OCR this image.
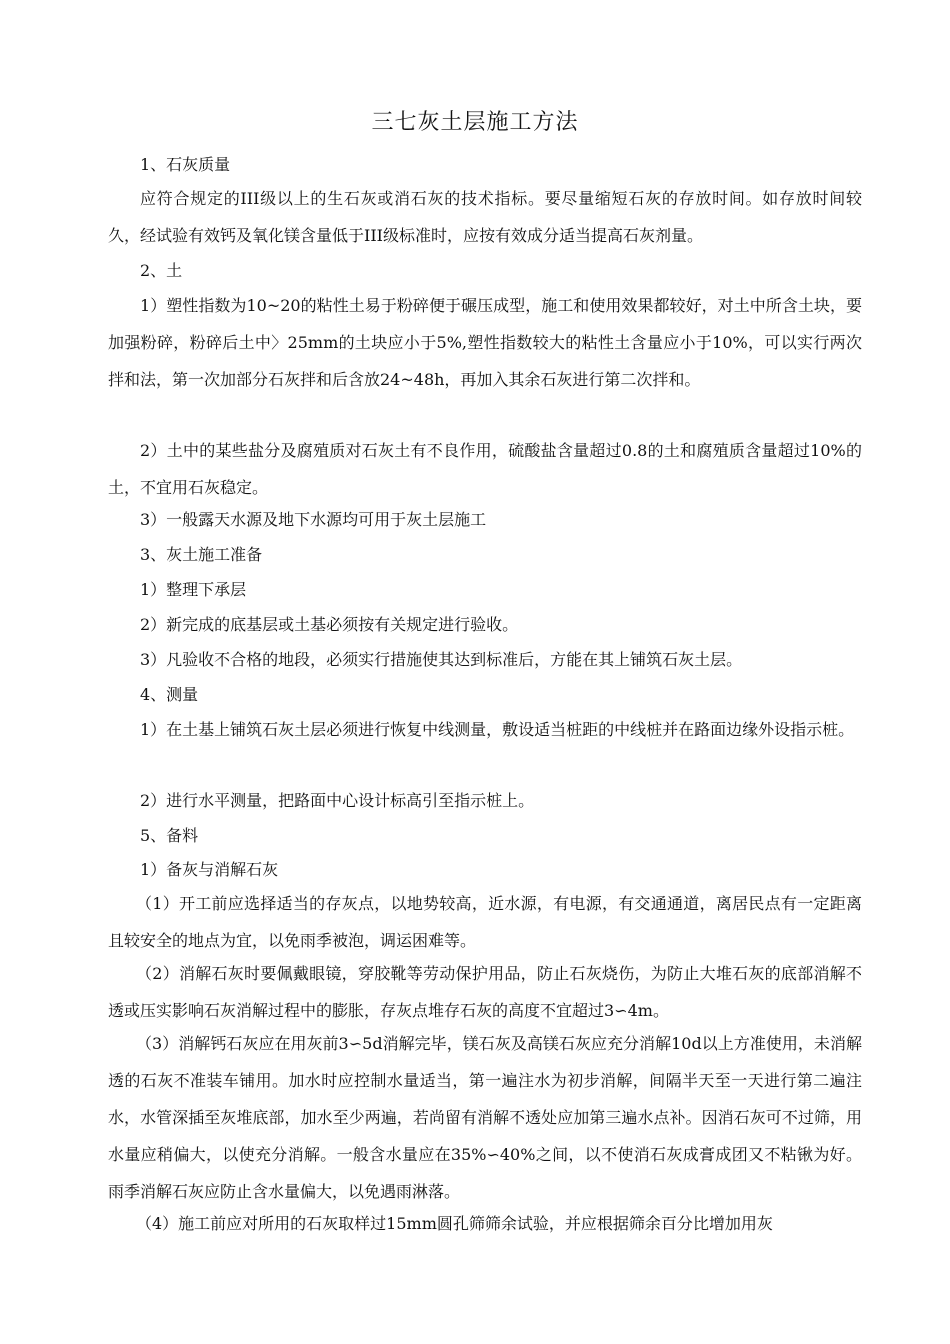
三七灰土层施工方法

1、石灰质量

应符合规定的III级以上的生石灰或消石灰的技术指标。要尽量缩短石灰的存放时间。如存放时间较久，经试验有效钙及氧化镁含量低于III级标准时，应按有效成分适当提高石灰剂量。

2、土

1）塑性指数为10~20的粘性土易于粉碎便于碾压成型，施工和使用效果都较好，对土中所含土块，要加强粉碎，粉碎后土中〉25mm的土块应小于5%,塑性指数较大的粘性土含量应小于10%，可以实行两次拌和法，第一次加部分石灰拌和后含放24~48h，再加入其余石灰进行第二次拌和。

2）土中的某些盐分及腐殖质对石灰土有不良作用，硫酸盐含量超过0.8的土和腐殖质含量超过10%的土，不宜用石灰稳定。

3）一般露天水源及地下水源均可用于灰土层施工

3、灰土施工准备

1）整理下承层

2）新完成的底基层或土基必须按有关规定进行验收。

3）凡验收不合格的地段，必须实行措施使其达到标准后，方能在其上铺筑石灰土层。

4、测量

1）在土基上铺筑石灰土层必须进行恢复中线测量，敷设适当桩距的中线桩并在路面边缘外设指示桩。

2）进行水平测量，把路面中心设计标高引至指示桩上。

5、备料

1）备灰与消解石灰

（1）开工前应选择适当的存灰点，以地势较高，近水源，有电源，有交通通道，离居民点有一定距离且较安全的地点为宜，以免雨季被泡，调运困难等。

（2）消解石灰时要佩戴眼镜，穿胶靴等劳动保护用品，防止石灰烧伤，为防止大堆石灰的底部消解不透或压实影响石灰消解过程中的膨胀，存灰点堆存石灰的高度不宜超过3∽4m。

（3）消解钙石灰应在用灰前3∽5d消解完毕，镁石灰及高镁石灰应充分消解10d以上方准使用，未消解透的石灰不准装车铺用。加水时应控制水量适当，第一遍注水为初步消解，间隔半天至一天进行第二遍注水，水管深插至灰堆底部，加水至少两遍，若尚留有消解不透处应加第三遍水点补。因消石灰可不过筛，用水量应稍偏大，以使充分消解。一般含水量应在35%∽40%之间，以不使消石灰成膏成团又不粘锹为好。雨季消解石灰应防止含水量偏大，以免遇雨淋落。

（4）施工前应对所用的石灰取样过15mm圆孔筛筛余试验，并应根据筛余百分比增加用灰
